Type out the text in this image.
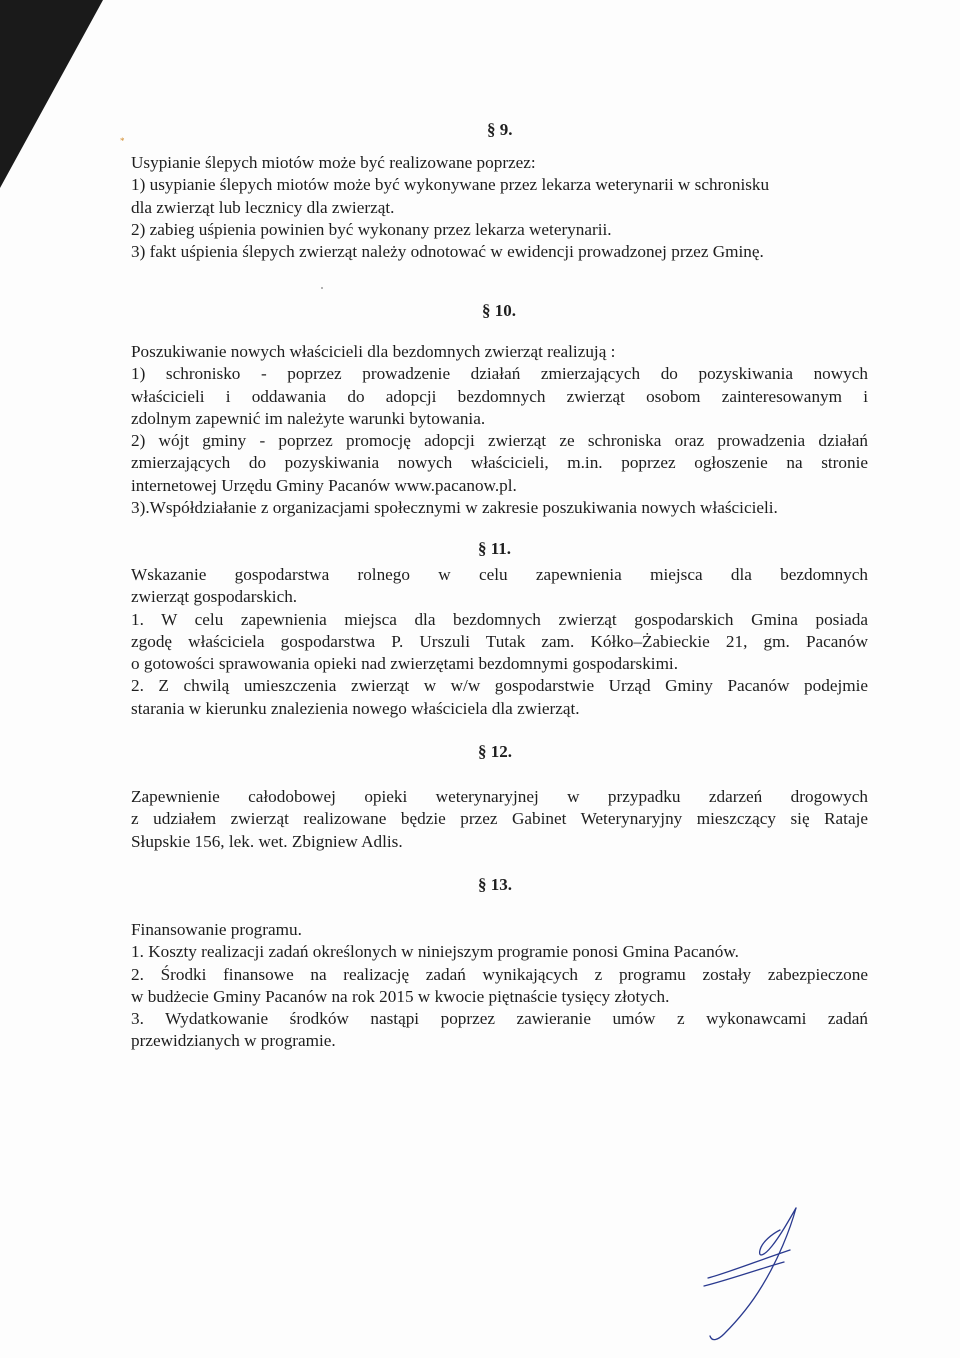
*
§ 9.
Usypianie ślepych miotów może być realizowane poprzez:
1) usypianie ślepych miotów może być wykonywane przez lekarza weterynarii w schronisku
dla zwierząt lub lecznicy dla zwierząt.
2) zabieg uśpienia powinien być wykonany przez lekarza weterynarii.
3) fakt uśpienia ślepych zwierząt należy odnotować w ewidencji prowadzonej przez Gminę.
§ 10.
Poszukiwanie nowych właścicieli dla bezdomnych zwierząt realizują :
1) schronisko - poprzez prowadzenie działań zmierzających do pozyskiwania nowych
właścicieli i oddawania do adopcji bezdomnych zwierząt osobom zainteresowanym i
zdolnym zapewnić im należyte warunki bytowania.
2) wójt gminy - poprzez promocję adopcji zwierząt ze schroniska oraz prowadzenia działań
zmierzających do pozyskiwania nowych właścicieli, m.in. poprzez ogłoszenie na stronie
internetowej Urzędu Gminy Pacanów www.pacanow.pl.
3).Współdziałanie z organizacjami społecznymi w zakresie poszukiwania nowych właścicieli.
§ 11.
Wskazanie gospodarstwa rolnego w celu zapewnienia miejsca dla bezdomnych
zwierząt gospodarskich.
1. W celu zapewnienia miejsca dla bezdomnych zwierząt gospodarskich Gmina posiada
zgodę właściciela gospodarstwa P. Urszuli Tutak zam. Kółko–Żabieckie 21, gm. Pacanów
o gotowości sprawowania opieki nad zwierzętami bezdomnymi gospodarskimi.
2. Z chwilą umieszczenia zwierząt w w/w gospodarstwie Urząd Gminy Pacanów podejmie
starania w kierunku znalezienia nowego właściciela dla zwierząt.
§ 12.
Zapewnienie całodobowej opieki weterynaryjnej w przypadku zdarzeń drogowych
z udziałem zwierząt realizowane będzie przez Gabinet Weterynaryjny mieszczący się Rataje
Słupskie 156, lek. wet. Zbigniew Adlis.
§ 13.
Finansowanie programu.
1. Koszty realizacji zadań określonych w niniejszym programie ponosi Gmina Pacanów.
2. Środki finansowe na realizację zadań wynikających z programu zostały zabezpieczone
w budżecie Gminy Pacanów na rok 2015 w kwocie piętnaście tysięcy złotych.
3. Wydatkowanie środków nastąpi poprzez zawieranie umów z wykonawcami zadań
przewidzianych w programie.
